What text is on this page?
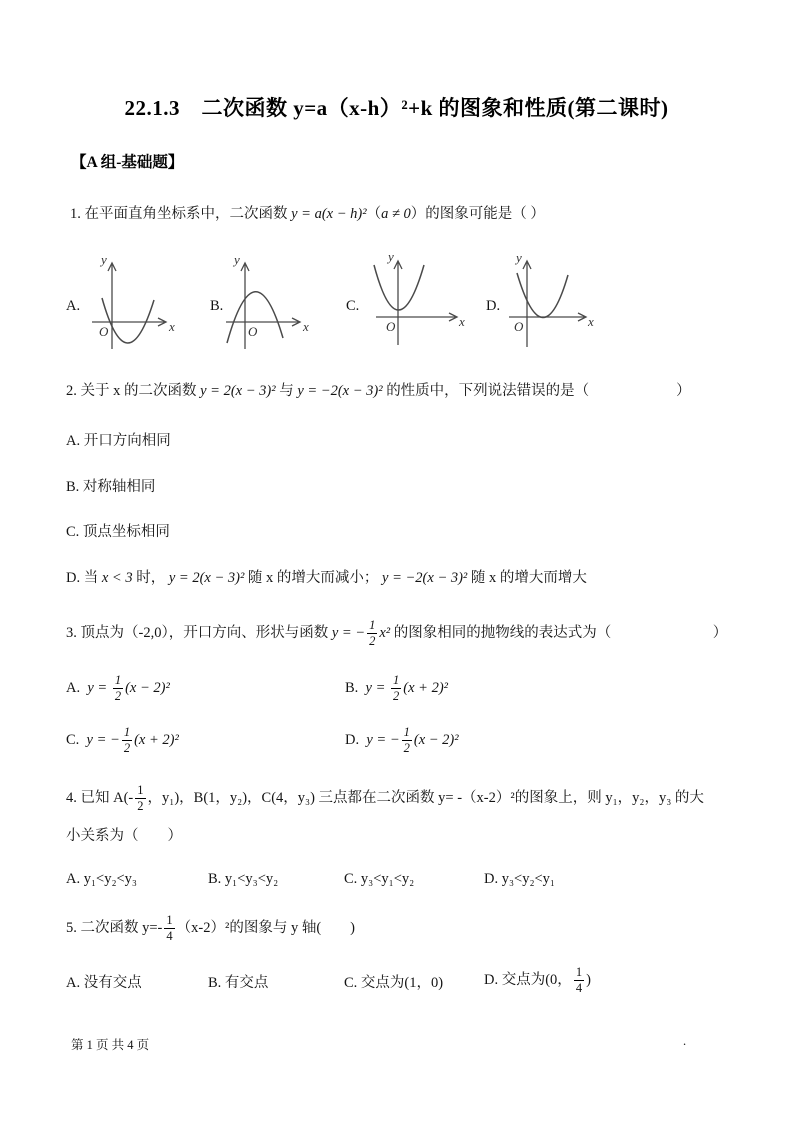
22.1.3　二次函数 y=a（x-h）²+k 的图象和性质(第二课时)
【A 组-基础题】
1. 在平面直角坐标系中，二次函数 y = a(x − h)² （ a ≠ 0 ）的图象可能是（ ）
A.	B.	C.	D.
y
x
O
y
x
O
y
x
O
y
x
O
2. 关于 x 的二次函数 y = 2(x − 3)² 与 y = −2(x − 3)² 的性质中，下列说法错误的是（　　　　　　）
A. 开口方向相同
B. 对称轴相同
C. 顶点坐标相同
D. 当 x < 3 时， y = 2(x − 3)² 随 x 的增大而减小； y = −2(x − 3)² 随 x 的增大而增大
3. 顶点为（-2,0），开口方向、形状与函数 y = − $\frac{1}{2} x^2$ 的图象相同的抛物线的表达式为（　　　　　　　）
A. $y = \frac{1}{2} (x - 2)^2$	B. $y = \frac{1}{2} (x + 2)^2$
C. y = − $\frac{1}{2} (x + 2)^2$	D. y = − $\frac{1}{2} (x - 2)^2$
4. 已知 $A(- \frac{1}{2}$ ，y₁)，B(1，y₂)，C(4，y₃) 三点都在二次函数 y= -（x-2）²的图象上，则 y₁，y₂，y₃ 的大
小关系为（　　）
A. y₁<y₂<y₃	B. y₁<y₃<y₂	C. y₃<y₁<y₂	D. y₃<y₂<y₁
5. 二次函数 $y=- \frac{1}{4} (x-2)^2$的图象与 y 轴(　　)
A. 没有交点	B. 有交点	C. 交点为(1，0)	D. 交点为(0， $\frac{1}{4}$ )
第 1 页 共 4 页	.
